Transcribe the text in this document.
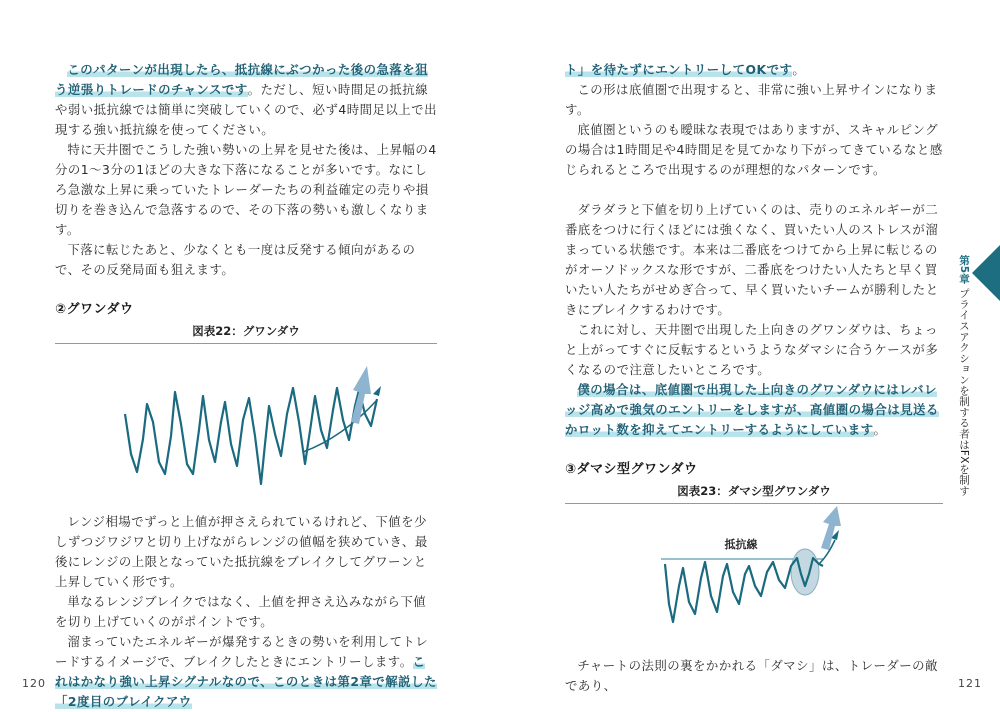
このパターンが出現したら、抵抗線にぶつかった後の急落を狙う逆張りトレードのチャンスです。ただし、短い時間足の抵抗線や弱い抵抗線では簡単に突破していくので、必ず4時間足以上で出現する強い抵抗線を使ってください。

特に天井圏でこうした強い勢いの上昇を見せた後は、上昇幅の4分の1〜3分の1ほどの大きな下落になることが多いです。なにしろ急激な上昇に乗っていたトレーダーたちの利益確定の売りや損切りを巻き込んで急落するので、その下落の勢いも激しくなります。

下落に転じたあと、少なくとも一度は反発する傾向があるので、その反発局面も狙えます。

②グワンダウ

図表22：グワンダウ

レンジ相場でずっと上値が押さえられているけれど、下値を少しずつジワジワと切り上げながらレンジの値幅を狭めていき、最後にレンジの上限となっていた抵抗線をブレイクしてグワーンと上昇していく形です。

単なるレンジブレイクではなく、上値を押さえ込みながら下値を切り上げていくのがポイントです。

溜まっていたエネルギーが爆発するときの勢いを利用してトレードするイメージで、ブレイクしたときにエントリーします。これはかなり強い上昇シグナルなので、このときは第2章で解説した「2度目のブレイクアウ

120

ト」を待たずにエントリーしてOKです。

この形は底値圏で出現すると、非常に強い上昇サインになります。

底値圏というのも曖昧な表現ではありますが、スキャルピングの場合は1時間足や4時間足を見てかなり下がってきているなと感じられるところで出現するのが理想的なパターンです。

ダラダラと下値を切り上げていくのは、売りのエネルギーが二番底をつけに行くほどには強くなく、買いたい人のストレスが溜まっている状態です。本来は二番底をつけてから上昇に転じるのがオーソドックスな形ですが、二番底をつけたい人たちと早く買いたい人たちがせめぎ合って、早く買いたいチームが勝利したときにブレイクするわけです。

これに対し、天井圏で出現した上向きのグワンダウは、ちょっと上がってすぐに反転するというようなダマシに合うケースが多くなるので注意したいところです。

僕の場合は、底値圏で出現した上向きのグワンダウにはレバレッジ高めで強気のエントリーをしますが、高値圏の場合は見送るかロット数を抑えてエントリーするようにしています。

③ダマシ型グワンダウ

図表23：ダマシ型グワンダウ

抵抗線

チャートの法則の裏をかかれる「ダマシ」は、トレーダーの敵であり、	121
第5章 プライスアクションを制する者はFXを制す
